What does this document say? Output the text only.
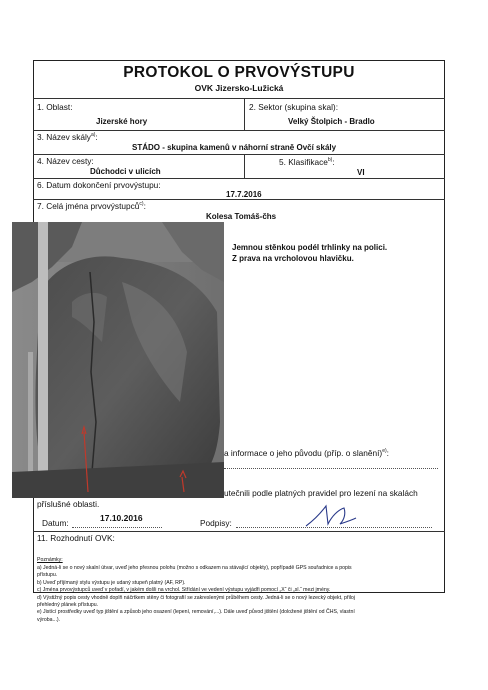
PROTOKOL O PRVOVÝSTUPU
OVK Jizersko-Lužická
1. Oblast:
Jizerské hory
2. Sektor (skupina skal):
Velký Štolpich - Bradlo
3. Název skály$^{a)}$:
STÁDO - skupina kamenů v náhorní straně Ovčí skály
4. Název cesty:
Důchodci v ulicích
5. Klasifikace$^{b)}$:
VI
6. Datum dokončení prvovýstupu:
17.7.2016
7. Celá jména prvovýstupců$^{c)}$:
Kolesa Tomáš-čhs
Jemnou stěnkou podél trhlinky na polici.
Z prava na vrcholovou hlavičku.
a informace o jeho původu (příp. o slanění)$^{e)}$:
utečnili podle platných pravidel pro lezení na skalách
příslušné oblasti.
Datum:	17.10.2016	Podpisy:
11. Rozhodnutí OVK:
Poznámky:
a) Jedná-li se o nový skalní útvar, uveď jeho přesnou polohu (možno s odkazem na stávající objekty), popřípadě GPS souřadnice a popis
přístupu.
b) Uveď příjímaný stylu výstupu je udaný stupeň platný (AF, RP).
c) Jména prvovýstupců uveď v pořadí, v jakém došli na vrchol. Střídání ve vedení výstupu vyjádři pomocí „X“ či „sl.“ mezi jmény.
d) Výstižný popis cesty vhodně doplň náčrtkem stěny či fotografií se zakreslenými průběhem cesty. Jedná-li se o nový lezecký objekt, přiloj
přehledný plánek přístupu.
e) Jistící prostředky uveď typ jištění a způsob jeho osazení (lepení, remování,...). Dále uveď původ jištění (doložené jištění od ČHS, vlastní
výroba...).
